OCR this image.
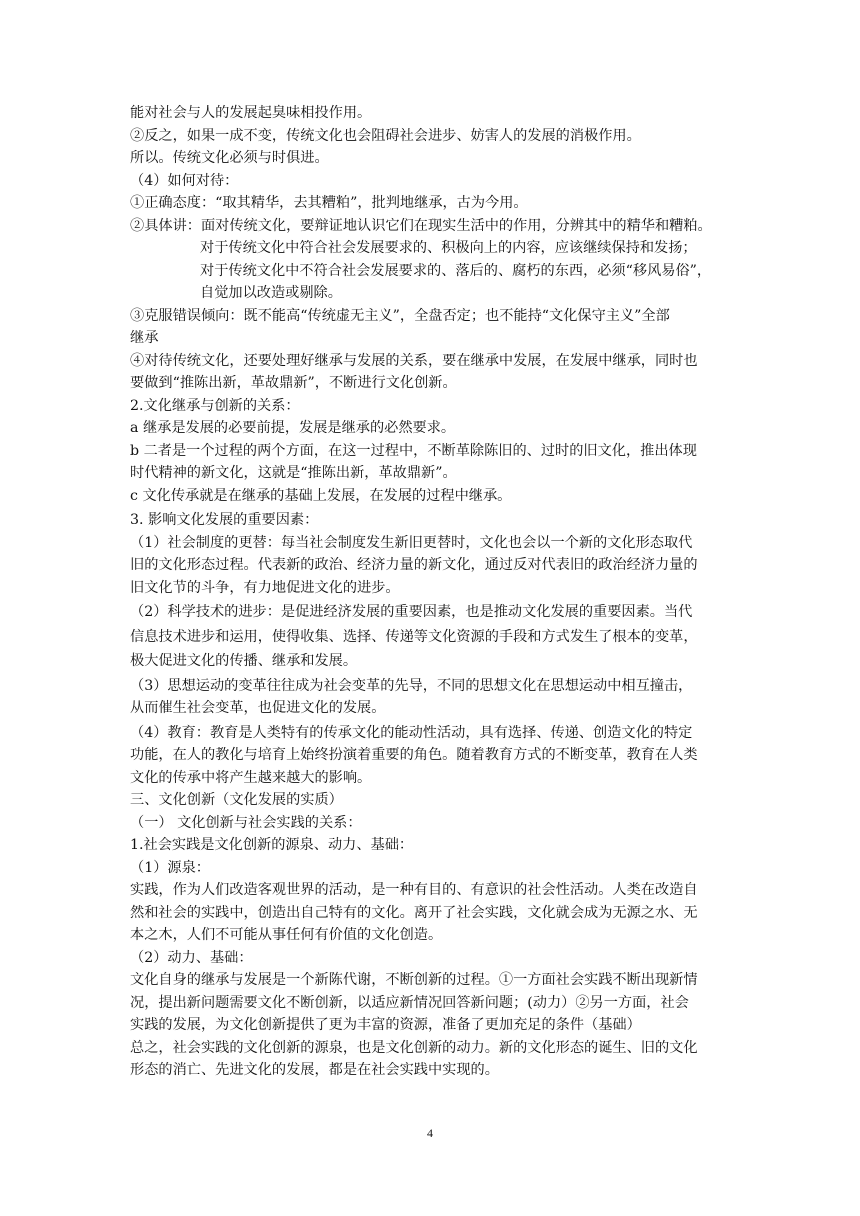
能对社会与人的发展起臭味相投作用。
②反之，如果一成不变，传统文化也会阻碍社会进步、妨害人的发展的消极作用。
所以。传统文化必须与时俱进。
（4）如何对待：
①正确态度：“取其精华，去其糟粕”，批判地继承，古为今用。
②具体讲：面对传统文化，要辩证地认识它们在现实生活中的作用，分辨其中的精华和糟粕。
对于传统文化中符合社会发展要求的、积极向上的内容，应该继续保持和发扬；
对于传统文化中不符合社会发展要求的、落后的、腐朽的东西，必须“移风易俗”，
自觉加以改造或剔除。
③克服错误倾向：既不能高“传统虚无主义”，全盘否定；也不能持“文化保守主义”全部
继承
④对待传统文化，还要处理好继承与发展的关系，要在继承中发展，在发展中继承，同时也
要做到“推陈出新，革故鼎新”，不断进行文化创新。
2.文化继承与创新的关系：
a 继承是发展的必要前提，发展是继承的必然要求。
b 二者是一个过程的两个方面，在这一过程中，不断革除陈旧的、过时的旧文化，推出体现
时代精神的新文化，这就是“推陈出新，革故鼎新”。
c 文化传承就是在继承的基础上发展，在发展的过程中继承。
3. 影响文化发展的重要因素：
（1）社会制度的更替：每当社会制度发生新旧更替时，文化也会以一个新的文化形态取代
旧的文化形态过程。代表新的政治、经济力量的新文化，通过反对代表旧的政治经济力量的
旧文化节的斗争，有力地促进文化的进步。
（2）科学技术的进步：是促进经济发展的重要因素，也是推动文化发展的重要因素。当代
信息技术进步和运用，使得收集、选择、传递等文化资源的手段和方式发生了根本的变革，
极大促进文化的传播、继承和发展。
（3）思想运动的变革往往成为社会变革的先导，不同的思想文化在思想运动中相互撞击，
从而催生社会变革，也促进文化的发展。
（4）教育：教育是人类特有的传承文化的能动性活动，具有选择、传递、创造文化的特定
功能，在人的教化与培育上始终扮演着重要的角色。随着教育方式的不断变革，教育在人类
文化的传承中将产生越来越大的影响。
三、文化创新（文化发展的实质）
（一） 文化创新与社会实践的关系：
1.社会实践是文化创新的源泉、动力、基础：
（1）源泉：
实践，作为人们改造客观世界的活动，是一种有目的、有意识的社会性活动。人类在改造自
然和社会的实践中，创造出自己特有的文化。离开了社会实践，文化就会成为无源之水、无
本之木，人们不可能从事任何有价值的文化创造。
（2）动力、基础：
文化自身的继承与发展是一个新陈代谢，不断创新的过程。①一方面社会实践不断出现新情
况，提出新问题需要文化不断创新，以适应新情况回答新问题；(动力）②另一方面，社会
实践的发展，为文化创新提供了更为丰富的资源，准备了更加充足的条件（基础）
总之，社会实践的文化创新的源泉，也是文化创新的动力。新的文化形态的诞生、旧的文化
形态的消亡、先进文化的发展，都是在社会实践中实现的。
4
